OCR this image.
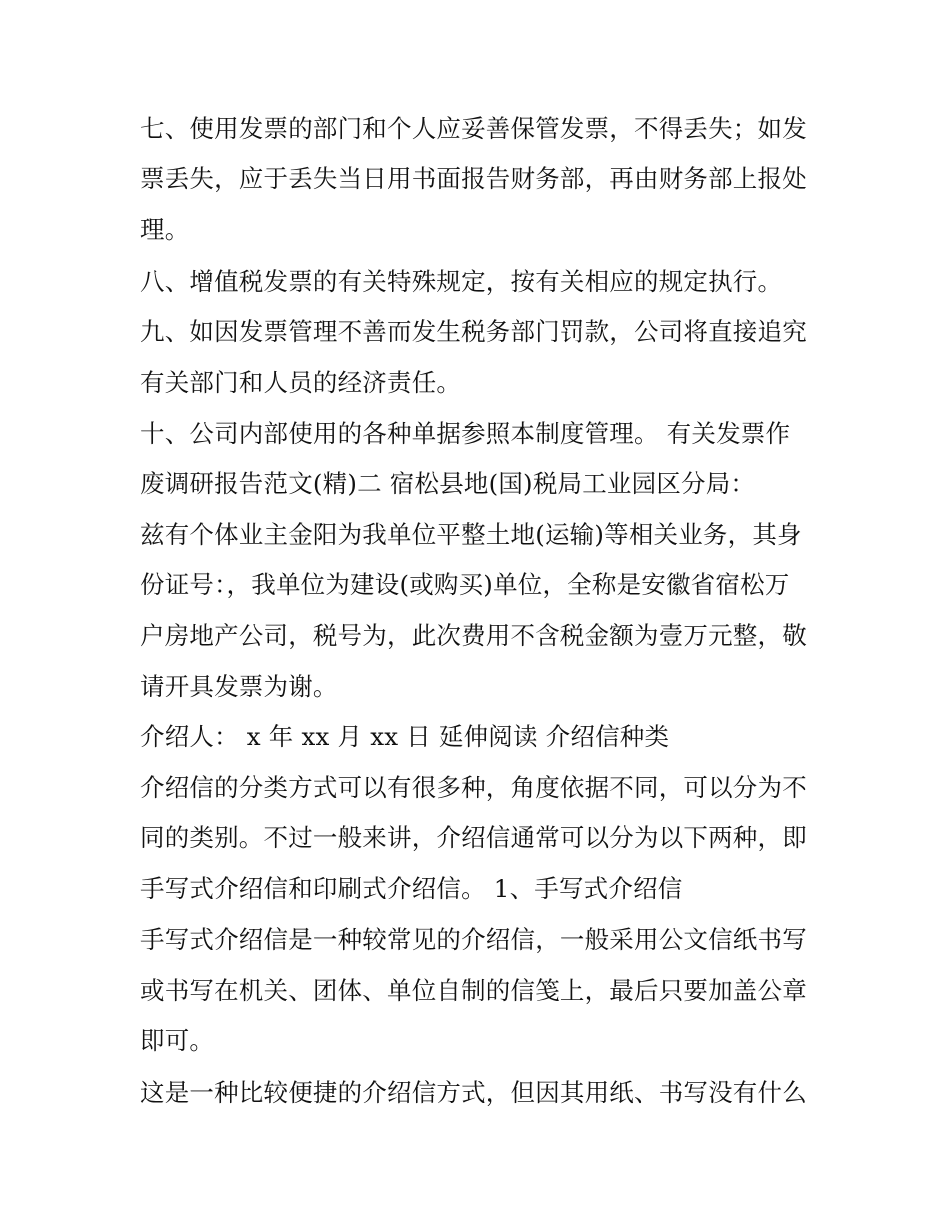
七、使用发票的部门和个人应妥善保管发票，不得丢失；如发
票丢失，应于丢失当日用书面报告财务部，再由财务部上报处
理。
八、增值税发票的有关特殊规定，按有关相应的规定执行。
九、如因发票管理不善而发生税务部门罚款，公司将直接追究
有关部门和人员的经济责任。
十、公司内部使用的各种单据参照本制度管理。 有关发票作
废调研报告范文(精)二 宿松县地(国)税局工业园区分局：
兹有个体业主金阳为我单位平整土地(运输)等相关业务，其身
份证号：，我单位为建设(或购买)单位，全称是安徽省宿松万
户房地产公司，税号为，此次费用不含税金额为壹万元整，敬
请开具发票为谢。
介绍人： x 年 xx 月 xx 日 延伸阅读 介绍信种类
介绍信的分类方式可以有很多种，角度依据不同，可以分为不
同的类别。不过一般来讲，介绍信通常可以分为以下两种，即
手写式介绍信和印刷式介绍信。 1、手写式介绍信
手写式介绍信是一种较常见的介绍信，一般采用公文信纸书写
或书写在机关、团体、单位自制的信笺上，最后只要加盖公章
即可。
这是一种比较便捷的介绍信方式，但因其用纸、书写没有什么
